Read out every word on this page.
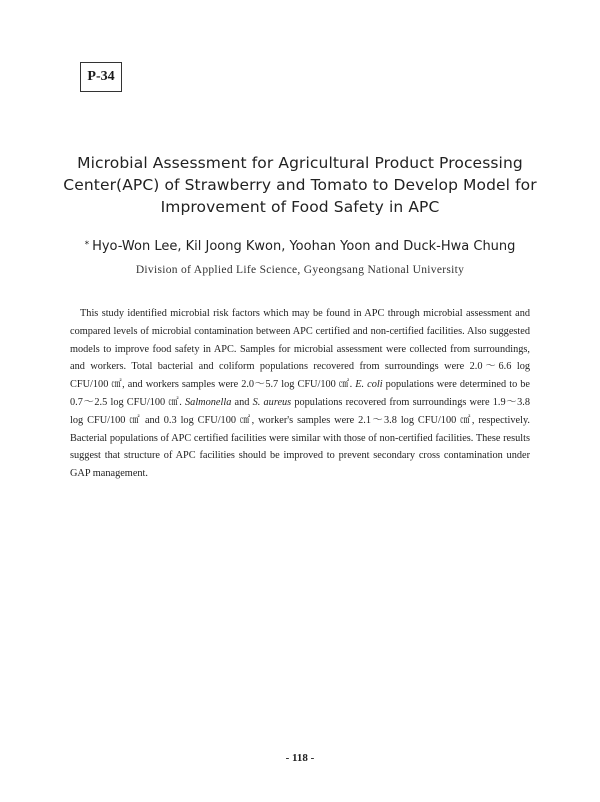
P-34
Microbial Assessment for Agricultural Product Processing
Center(APC) of Strawberry and Tomato to Develop Model for
Improvement of Food Safety in APC
* Hyo-Won Lee, Kil Joong Kwon, Yoohan Yoon and Duck-Hwa Chung
Division of Applied Life Science, Gyeongsang National University
This study identified microbial risk factors which may be found in APC through microbial assessment and compared levels of microbial contamination between APC certified and non-certified facilities. Also suggested models to improve food safety in APC. Samples for microbial assessment were collected from surroundings, and workers. Total bacterial and coliform populations recovered from surroundings were 2.0～6.6 log CFU/100 ㎠, and workers samples were 2.0～5.7 log CFU/100 ㎠. E. coli populations were determined to be 0.7～2.5 log CFU/100 ㎠. Salmonella and S. aureus populations recovered from surroundings were 1.9～3.8 log CFU/100 ㎠ and 0.3 log CFU/100 ㎠, worker's samples were 2.1～3.8 log CFU/100 ㎠, respectively. Bacterial populations of APC certified facilities were similar with those of non-certified facilities. These results suggest that structure of APC facilities should be improved to prevent secondary cross contamination under GAP management.
- 118 -
